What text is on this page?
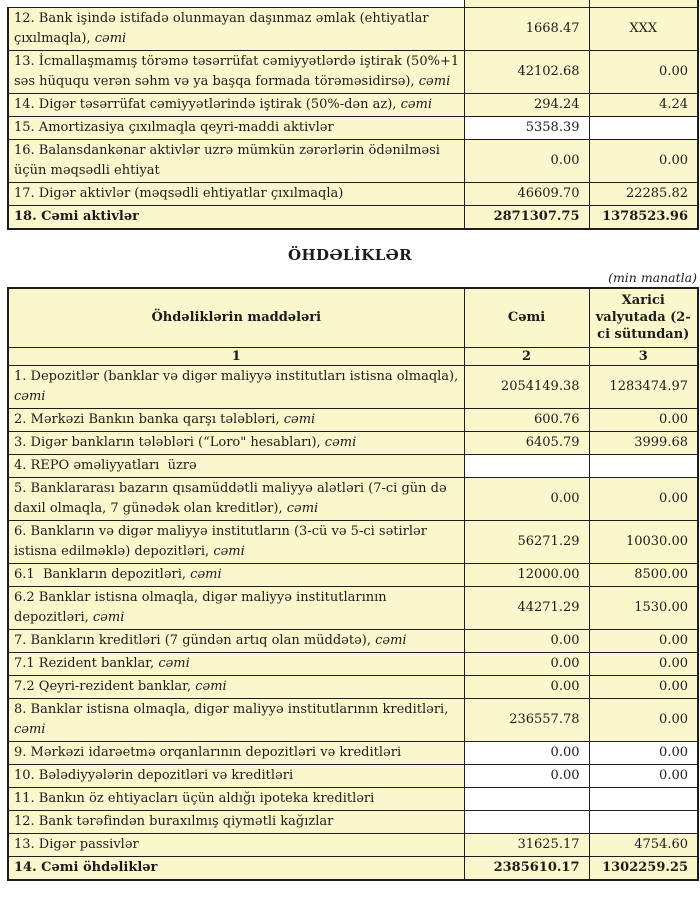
12. Bank işində istifadə olunmayan daşınmaz əmlak (ehtiyatlar çıxılmaqla), cəmi	1668.47	XXX
13. İcmallaşmamış törəmə təsərrüfat cəmiyyətlərdə iştirak (50%+1 səs hüququ verən səhm və ya başqa formada törəməsidirsə), cəmi	42102.68	0.00
14. Digər təsərrüfat cəmiyyətlərində iştirak (50%-dən az), cəmi	294.24	4.24
15. Amortizasiya çıxılmaqla qeyri-maddi aktivlər	5358.39	
16. Balansdankənar aktivlər uzrə mümkün zərərlərin ödənilməsi üçün məqsədli ehtiyat	0.00	0.00
17. Digər aktivlər (məqsədli ehtiyatlar çıxılmaqla)	46609.70	22285.82
18. Cəmi aktivlər	2871307.75	1378523.96
ÖHDƏLİKLƏR
(min manatla)
Öhdəliklərin maddələri	Cəmi	Xarici valyutada (2-ci sütundan)
1	2	3
1. Depozitlər (banklar və digər maliyyə institutları istisna olmaqla), cəmi	2054149.38	1283474.97
2. Mərkəzi Bankın banka qarşı tələbləri, cəmi	600.76	0.00
3. Digər bankların tələbləri (“Loro" hesabları), cəmi	6405.79	3999.68
4. REPO əməliyyatları  üzrə		
5. Banklararası bazarın qısamüddətli maliyyə alətləri (7-ci gün də daxil olmaqla, 7 günədək olan kreditlər), cəmi	0.00	0.00
6. Bankların və digər maliyyə institutların (3-cü və 5-ci sətirlər istisna edilməklə) depozitləri, cəmi	56271.29	10030.00
6.1  Bankların depozitləri, cəmi	12000.00	8500.00
6.2 Banklar istisna olmaqla, digər maliyyə institutlarının depozitləri, cəmi	44271.29	1530.00
7. Bankların kreditləri (7 gündən artıq olan müddətə), cəmi	0.00	0.00
7.1 Rezident banklar, cəmi	0.00	0.00
7.2 Qeyri-rezident banklar, cəmi	0.00	0.00
8. Banklar istisna olmaqla, digər maliyyə institutlarının kreditləri, cəmi	236557.78	0.00
9. Mərkəzi idarəetmə orqanlarının depozitləri və kreditləri	0.00	0.00
10. Bələdiyyələrin depozitləri və kreditləri	0.00	0.00
11. Bankın öz ehtiyacları üçün aldığı ipoteka kreditləri		
12. Bank tərəfindən buraxılmış qiymətli kağızlar		
13. Digər passivlər	31625.17	4754.60
14. Cəmi öhdəliklər	2385610.17	1302259.25
